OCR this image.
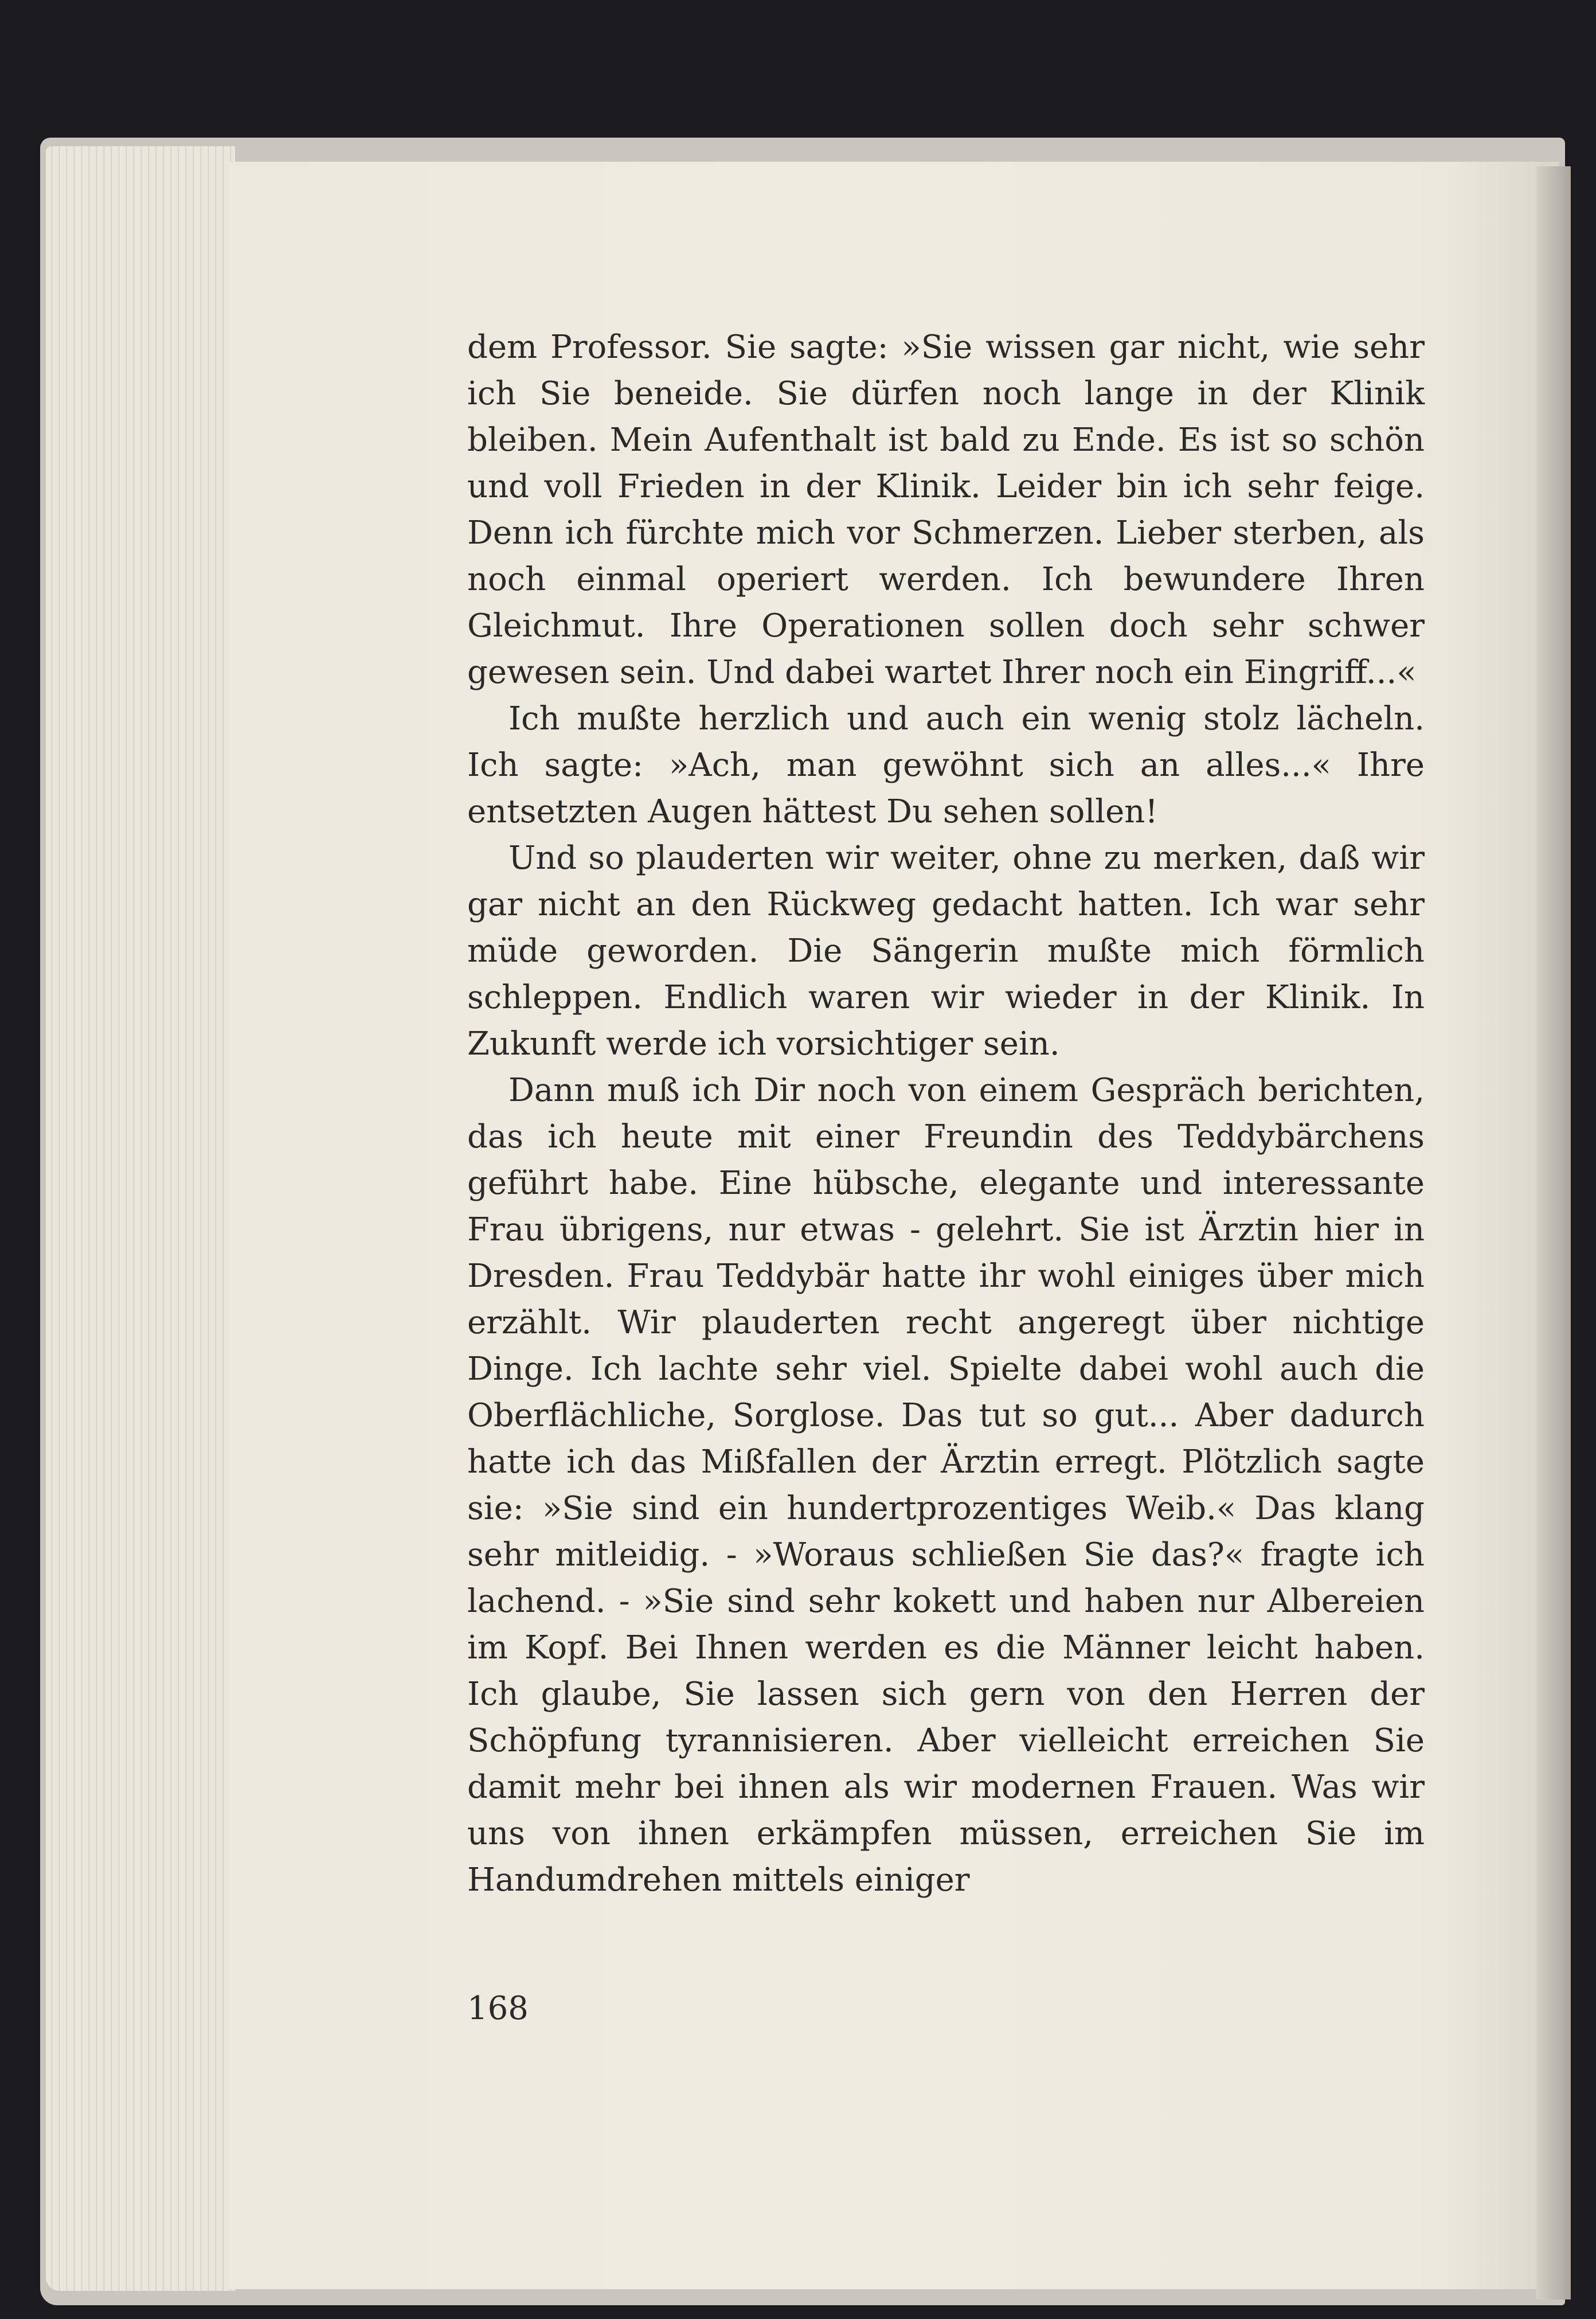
dem Professor. Sie sagte: »Sie wissen gar nicht, wie sehr ich Sie beneide. Sie dürfen noch lange in der Klinik bleiben. Mein Aufenthalt ist bald zu Ende. Es ist so schön und voll Frieden in der Klinik. Leider bin ich sehr feige. Denn ich fürchte mich vor Schmerzen. Lieber sterben, als noch einmal operiert werden. Ich bewundere Ihren Gleichmut. Ihre Operationen sollen doch sehr schwer gewesen sein. Und dabei wartet Ihrer noch ein Eingriff...«

Ich mußte herzlich und auch ein wenig stolz lächeln. Ich sagte: »Ach, man gewöhnt sich an alles...« Ihre entsetzten Augen hättest Du sehen sollen!

Und so plauderten wir weiter, ohne zu merken, daß wir gar nicht an den Rückweg gedacht hatten. Ich war sehr müde geworden. Die Sängerin mußte mich förmlich schleppen. Endlich waren wir wieder in der Klinik. In Zukunft werde ich vorsichtiger sein.

Dann muß ich Dir noch von einem Gespräch berichten, das ich heute mit einer Freundin des Teddybärchens geführt habe. Eine hübsche, elegante und interessante Frau übrigens, nur etwas - gelehrt. Sie ist Ärztin hier in Dresden. Frau Teddybär hatte ihr wohl einiges über mich erzählt. Wir plauderten recht angeregt über nichtige Dinge. Ich lachte sehr viel. Spielte dabei wohl auch die Oberflächliche, Sorglose. Das tut so gut... Aber dadurch hatte ich das Mißfallen der Ärztin erregt. Plötzlich sagte sie: »Sie sind ein hundertprozentiges Weib.« Das klang sehr mitleidig. - »Woraus schließen Sie das?« fragte ich lachend. - »Sie sind sehr kokett und haben nur Albereien im Kopf. Bei Ihnen werden es die Männer leicht haben. Ich glaube, Sie lassen sich gern von den Herren der Schöpfung tyrannisieren. Aber vielleicht erreichen Sie damit mehr bei ihnen als wir modernen Frauen. Was wir uns von ihnen erkämpfen müssen, erreichen Sie im Handumdrehen mittels einiger

168
